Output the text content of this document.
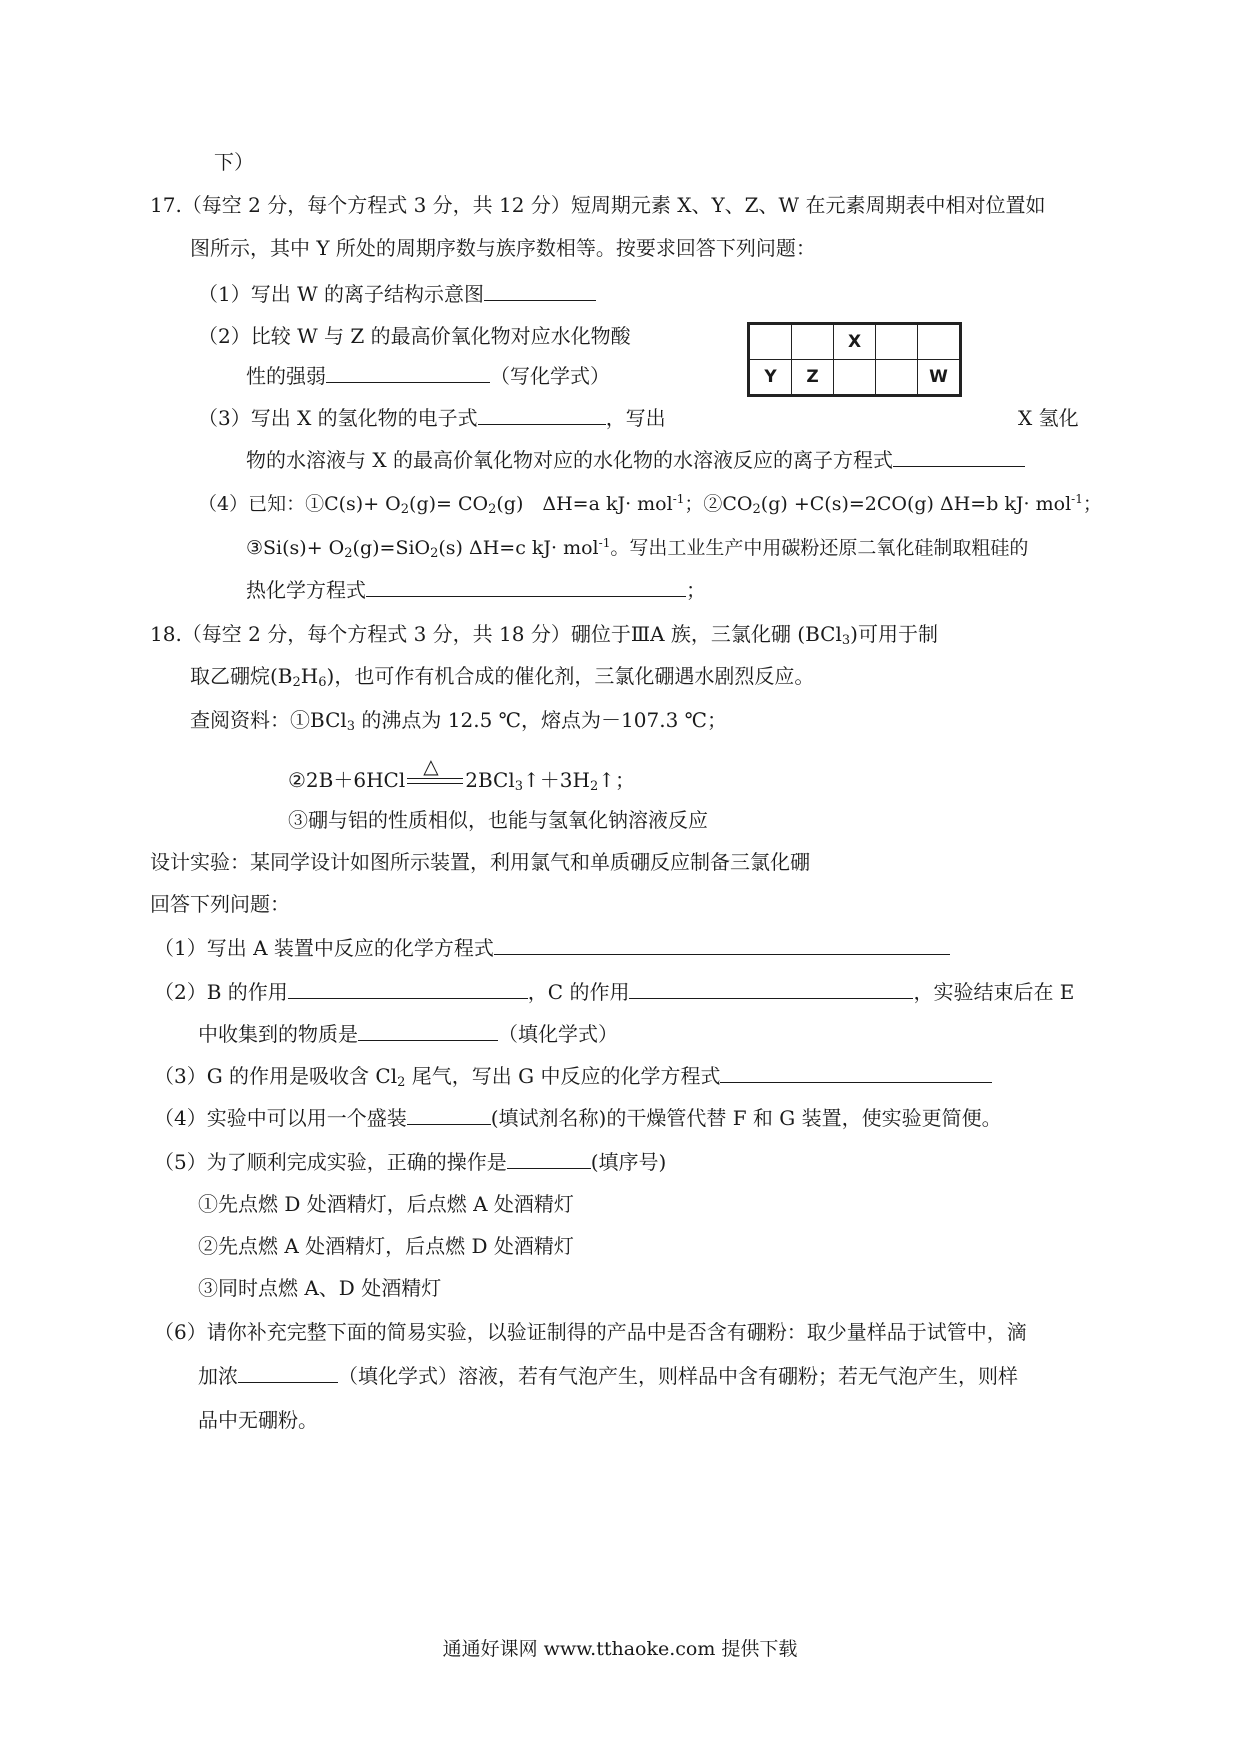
下）
17.（每空 2 分，每个方程式 3 分，共 12 分）短周期元素 X、Y、Z、W 在元素周期表中相对位置如
图所示，其中 Y 所处的周期序数与族序数相等。按要求回答下列问题：
（1）写出 W 的离子结构示意图
（2）比较 W 与 Z 的最高价氧化物对应水化物酸
性的强弱	（写化学式）
		X		
Y	Z			W
（3）写出 X 的氢化物的电子式	，写出	X 氢化
物的水溶液与 X 的最高价氧化物对应的水化物的水溶液反应的离子方程式
（4）已知：①C(s)+ $O_2(g)= CO_2(g)$　ΔH=a kJ· mol$^{-1}$；$②CO_2(g) +C(s)=2CO(g)$ ΔH=b kJ· mol$^{-1}$；
③Si(s)+ $O_2(g)=SiO_2(s)$ ΔH=c kJ· mol$^{-1}$。写出工业生产中用碳粉还原二氧化硅制取粗硅的
热化学方程式	；
18.（每空 2 分，每个方程式 3 分，共 18 分）硼位于ⅢA 族，三氯化硼 (BCl$_3$)可用于制
取乙硼烷$(B_2H_6)$，也可作有机合成的催化剂，三氯化硼遇水剧烈反应。
查阅资料：①BCl$_3$ 的沸点为 12.5 ℃，熔点为－107.3 ℃；
②2B＋6HCl
△
$2BCl_3↑+3H_2↑$；
③硼与铝的性质相似，也能与氢氧化钠溶液反应
设计实验：某同学设计如图所示装置，利用氯气和单质硼反应制备三氯化硼
回答下列问题：
（1）写出 A 装置中反应的化学方程式
（2）B 的作用	，C 的作用	，实验结束后在 E
中收集到的物质是	（填化学式）
（3）G 的作用是吸收含 $Cl_2$ 尾气，写出 G 中反应的化学方程式
（4）实验中可以用一个盛装	(填试剂名称)的干燥管代替 F 和 G 装置，使实验更简便。
（5）为了顺利完成实验，正确的操作是	(填序号)
①先点燃 D 处酒精灯，后点燃 A 处酒精灯
②先点燃 A 处酒精灯，后点燃 D 处酒精灯
③同时点燃 A、D 处酒精灯
（6）请你补充完整下面的简易实验，以验证制得的产品中是否含有硼粉：取少量样品于试管中，滴
加浓	（填化学式）溶液，若有气泡产生，则样品中含有硼粉；若无气泡产生，则样
品中无硼粉。
通通好课网 www.tthaoke.com 提供下载
